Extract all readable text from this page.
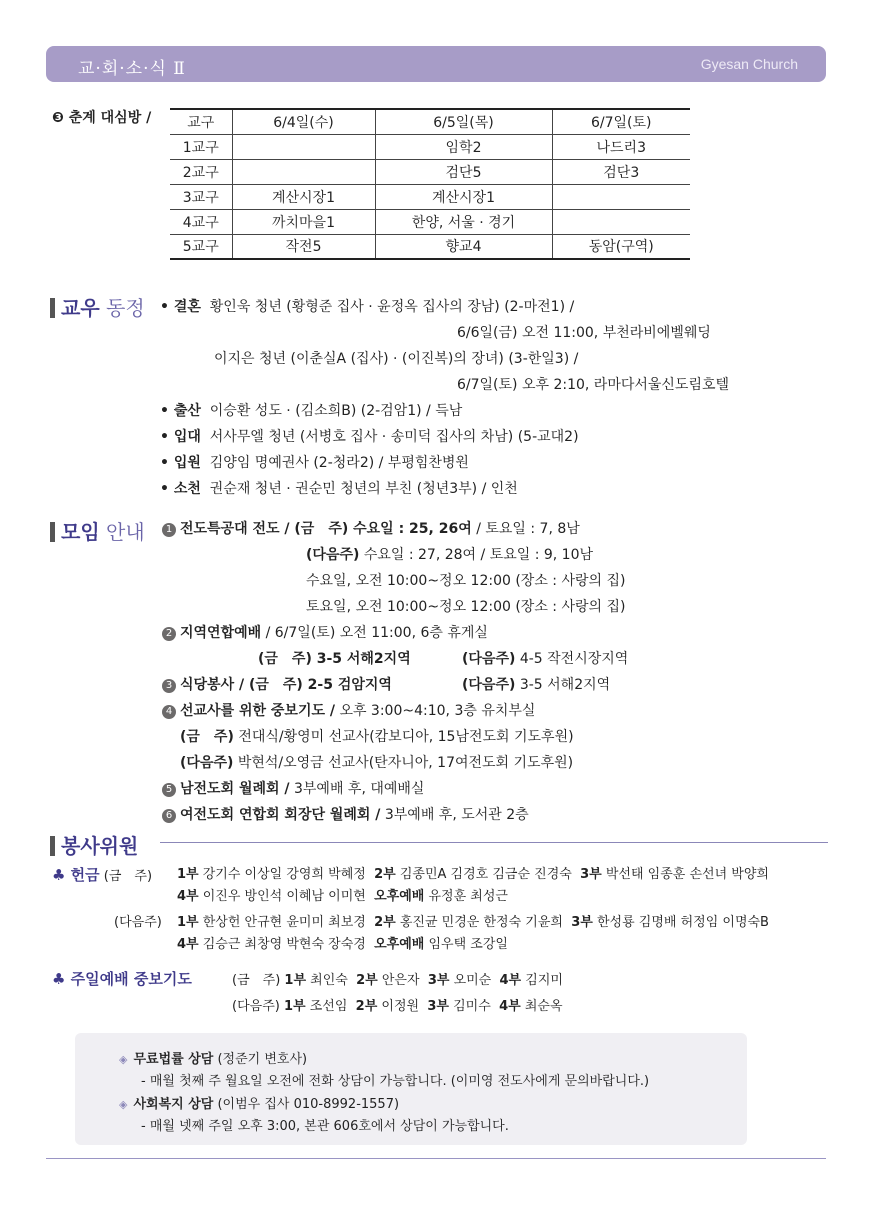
교·회·소·식 Ⅱ	Gyesan Church
❸ 춘계 대심방 /	교구	6/4일(수)	6/5일(목)	6/7일(토)
1교구		임학2	나드리3
2교구		검단5	검단3
3교구	계산시장1	계산시장1	
4교구	까치마을1	한양, 서울 · 경기	
5교구	작전5	향교4	동암(구역)
교우 동정 • 결혼 황인욱 청년 (황형준 집사 · 윤정옥 집사의 장남) (2-마전1) /
6/6일(금) 오전 11:00, 부천라비에벨웨딩
이지은 청년 (이춘실A (집사) · (이진복)의 장녀) (3-한일3) /
6/7일(토) 오후 2:10, 라마다서울신도림호텔
• 출산 이승환 성도 · (김소희B) (2-검암1) / 득남
• 입대 서사무엘 청년 (서병호 집사 · 송미덕 집사의 차남) (5-교대2)
• 입원 김양임 명예권사 (2-청라2) / 부평힘찬병원
• 소천 권순재 청년 · 권순민 청년의 부친 (청년3부) / 인천
모임 안내	1 전도특공대 전도 / (금　주) 수요일 : 25, 26여 / 토요일 : 7, 8남
(다음주) 수요일 : 27, 28여 / 토요일 : 9, 10남
수요일, 오전 10:00~정오 12:00 (장소 : 사랑의 집)
토요일, 오전 10:00~정오 12:00 (장소 : 사랑의 집)
2 지역연합예배 / 6/7일(토) 오전 11:00, 6층 휴게실
(금　주) 3-5 서해2지역	(다음주) 4-5 작전시장지역
3 식당봉사 / (금　주) 2-5 검암지역	(다음주) 3-5 서해2지역
4 선교사를 위한 중보기도 / 오후 3:00~4:10, 3층 유치부실
(금　주) 전대식/황영미 선교사(캄보디아, 15남전도회 기도후원)
(다음주) 박현석/오영금 선교사(탄자니아, 17여전도회 기도후원)
5 남전도회 월례회 / 3부예배 후, 대예배실
6 여전도회 연합회 회장단 월례회 / 3부예배 후, 도서관 2층
봉사위원
♣ 헌금 (금　주) 1부 강기수 이상일 강영희 박혜정 2부 김종민A 김경호 김금순 진경숙 3부 박선태 임종훈 손선녀 박양희
4부 이진우 방인석 이혜남 이미현 오후예배 유정훈 최성근
(다음주) 1부 한상헌 안규현 윤미미 최보경 2부 홍진균 민경운 한정숙 기윤희 3부 한성룡 김명배 허정임 이명숙B
4부 김승근 최창영 박현숙 장숙경 오후예배 임우택 조강일
♣ 주일예배 중보기도	(금　주) 1부 최인숙 2부 안은자 3부 오미순 4부 김지미
(다음주) 1부 조선임 2부 이정원 3부 김미수 4부 최순옥
◈ 무료법률 상담 (정준기 변호사)
- 매월 첫째 주 월요일 오전에 전화 상담이 가능합니다. (이미영 전도사에게 문의바랍니다.)
◈ 사회복지 상담 (이범우 집사 010-8992-1557)
- 매월 넷째 주일 오후 3:00, 본관 606호에서 상담이 가능합니다.
